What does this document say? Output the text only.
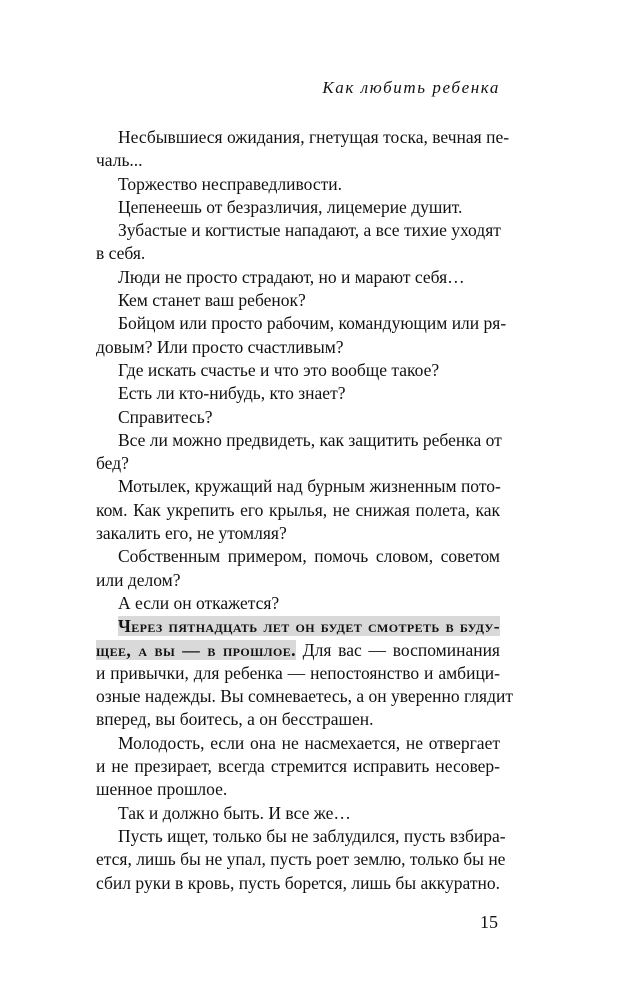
Как любить ребенка
Несбывшиеся ожидания, гнетущая тоска, вечная пе-
чаль...
Торжество несправедливости.
Цепенеешь от безразличия, лицемерие душит.
Зубастые и когтистые нападают, а все тихие уходят
в себя.
Люди не просто страдают, но и марают себя…
Кем станет ваш ребенок?
Бойцом или просто рабочим, командующим или ря-
довым? Или просто счастливым?
Где искать счастье и что это вообще такое?
Есть ли кто-нибудь, кто знает?
Справитесь?
Все ли можно предвидеть, как защитить ребенка от
бед?
Мотылек, кружащий над бурным жизненным пото-
ком. Как укрепить его крылья, не снижая полета, как
закалить его, не утомляя?
Собственным примером, помочь словом, советом
или делом?
А если он откажется?
Через пятнадцать лет он будет смотреть в буду-
щее, а вы — в прошлое. Для вас — воспоминания
и привычки, для ребенка — непостоянство и амбици-
озные надежды. Вы сомневаетесь, а он уверенно глядит
вперед, вы боитесь, а он бесстрашен.
Молодость, если она не насмехается, не отвергает
и не презирает, всегда стремится исправить несовер-
шенное прошлое.
Так и должно быть. И все же…
Пусть ищет, только бы не заблудился, пусть взбира-
ется, лишь бы не упал, пусть роет землю, только бы не
сбил руки в кровь, пусть борется, лишь бы аккуратно.
15
